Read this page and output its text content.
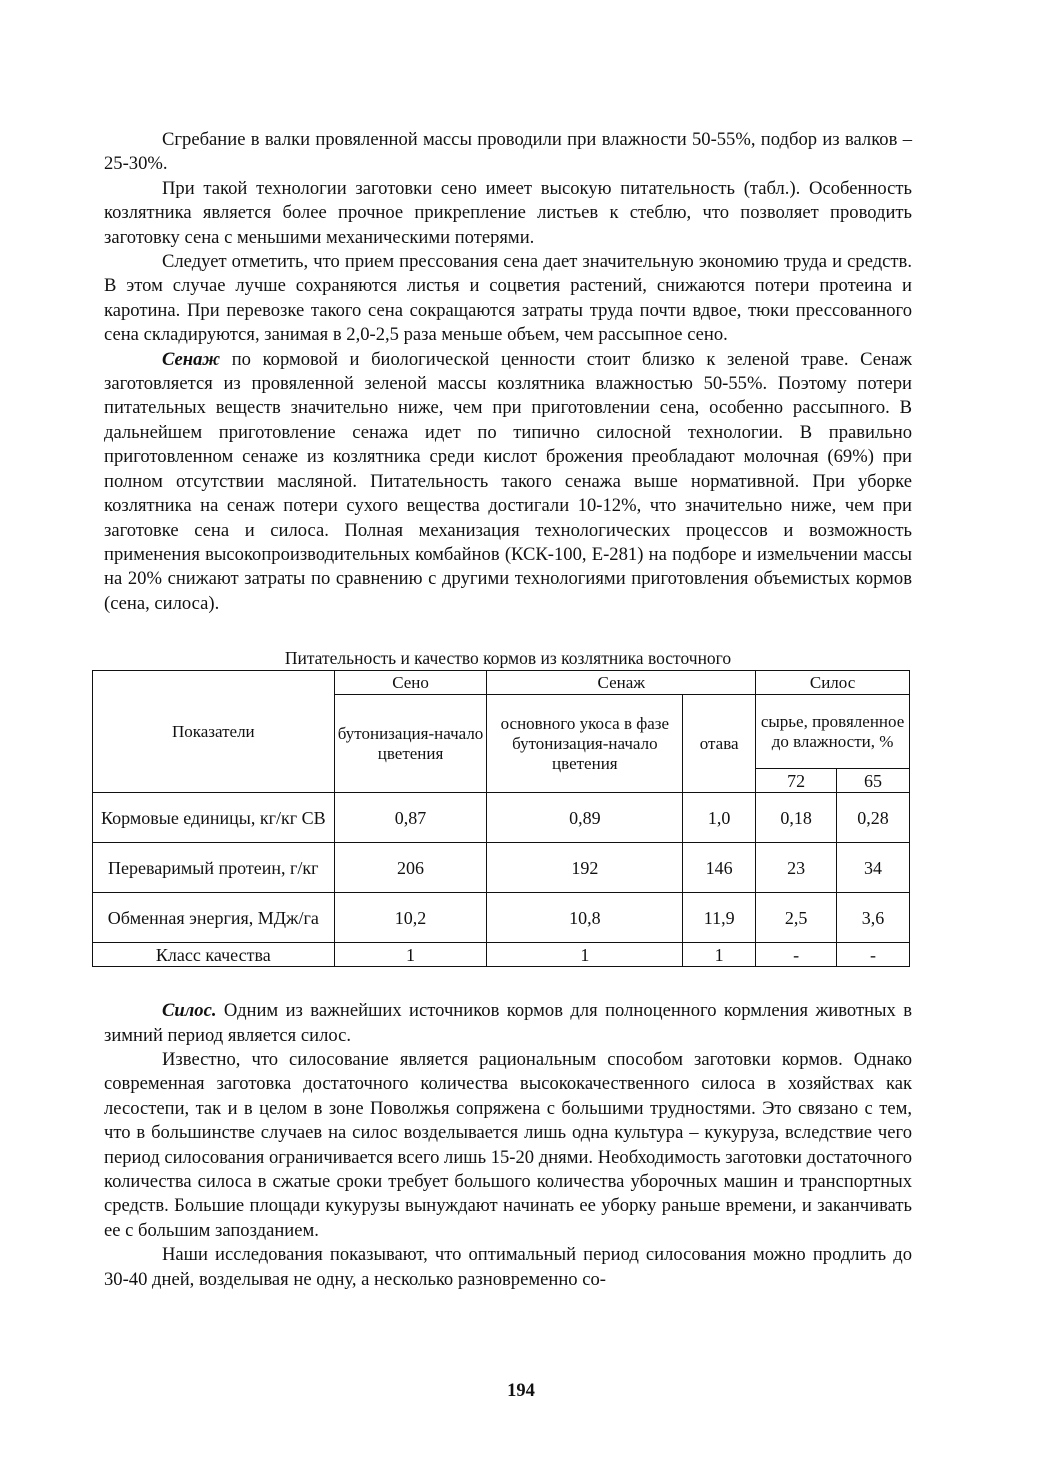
Сгребание в валки провяленной массы проводили при влажности 50-55%, подбор из валков – 25-30%.

При такой технологии заготовки сено имеет высокую питательность (табл.). Особенность козлятника является более прочное прикрепление листьев к стеблю, что позволяет проводить заготовку сена с меньшими механическими потерями.

Следует отметить, что прием прессования сена дает значительную экономию труда и средств. В этом случае лучше сохраняются листья и соцветия растений, снижаются потери протеина и каротина. При перевозке такого сена сокращаются затраты труда почти вдвое, тюки прессованного сена складируются, занимая в 2,0-2,5 раза меньше объем, чем рассыпное сено.

Сенаж по кормовой и биологической ценности стоит близко к зеленой траве. Сенаж заготовляется из провяленной зеленой массы козлятника влажностью 50-55%. Поэтому потери питательных веществ значительно ниже, чем при приготовлении сена, особенно рассыпного. В дальнейшем приготовление сенажа идет по типично силосной технологии. В правильно приготовленном сенаже из козлятника среди кислот брожения преобладают молочная (69%) при полном отсутствии масляной. Питательность такого сенажа выше нормативной. При уборке козлятника на сенаж потери сухого вещества достигали 10-12%, что значительно ниже, чем при заготовке сена и силоса. Полная механизация технологических процессов и возможность применения высокопроизводительных комбайнов (КСК-100, Е-281) на подборе и измельчении массы на 20% снижают затраты по сравнению с другими технологиями приготовления объемистых кормов (сена, силоса).

Питательность и качество кормов из козлятника восточного
Показатели	Сено	Сенаж		Силос	
	бутонизация-начало цветения	основного укоса в фазе бутонизация-начало цветения	отава	сырье, провяленное до влажности, %	
				72	65
Кормовые единицы, кг/кг СВ	0,87	0,89	1,0	0,18	0,28
Переваримый протеин, г/кг	206	192	146	23	34
Обменная энергия, МДж/га	10,2	10,8	11,9	2,5	3,6
Класс качества	1	1	1	-	-

Силос. Одним из важнейших источников кормов для полноценного кормления животных в зимний период является силос.

Известно, что силосование является рациональным способом заготовки кормов. Однако современная заготовка достаточного количества высококачественного силоса в хозяйствах как лесостепи, так и в целом в зоне Поволжья сопряжена с большими трудностями. Это связано с тем, что в большинстве случаев на силос возделывается лишь одна культура – кукуруза, вследствие чего период силосования ограничивается всего лишь 15-20 днями. Необходимость заготовки достаточного количества силоса в сжатые сроки требует большого количества уборочных машин и транспортных средств. Большие площади кукурузы вынуждают начинать ее уборку раньше времени, и заканчивать ее с большим запозданием.

Наши исследования показывают, что оптимальный период силосования можно продлить до 30-40 дней, возделывая не одну, а несколько разновременно со-

194
